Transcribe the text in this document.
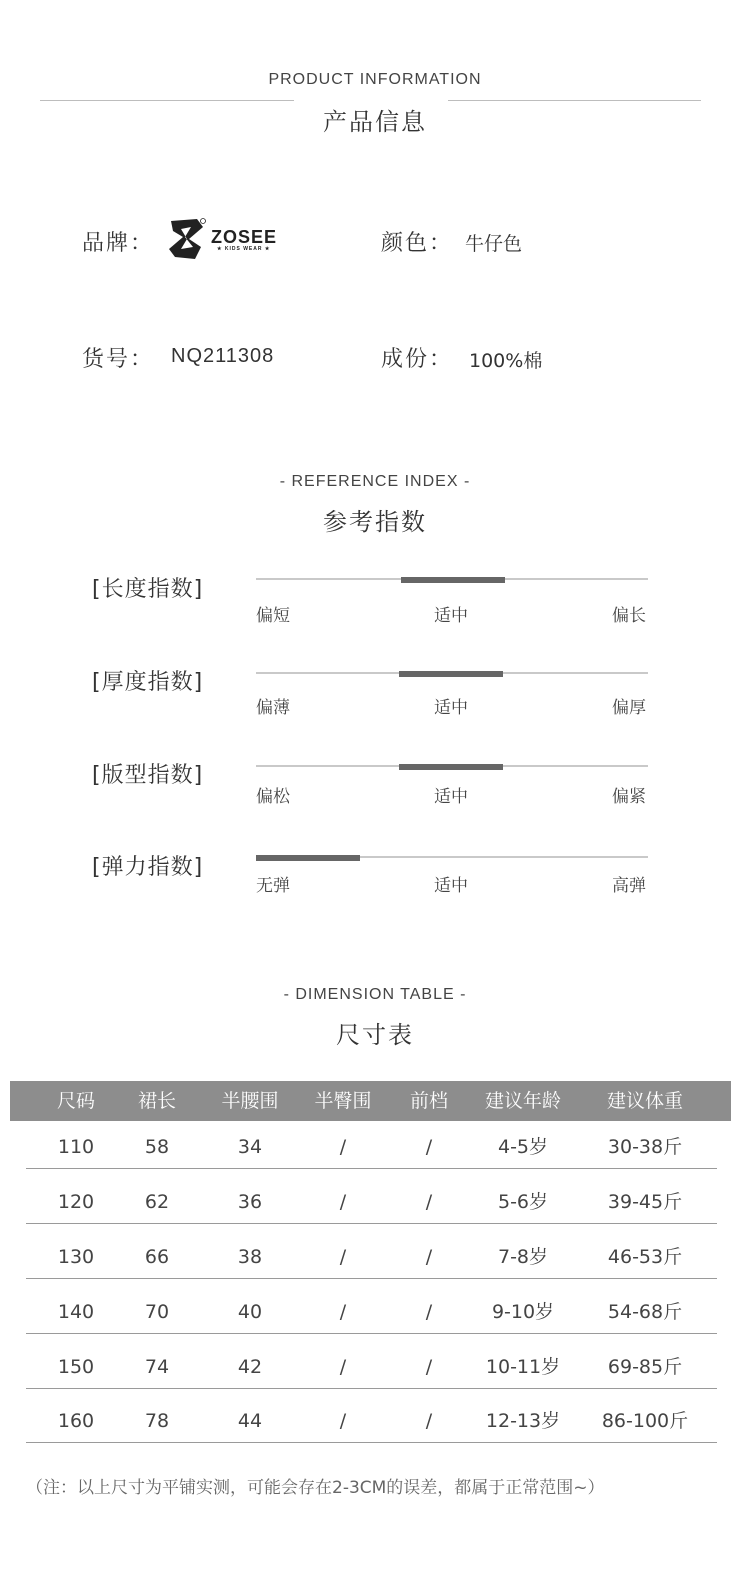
PRODUCT INFORMATION
产品信息
品牌：	ZOSEE
★ KIDS WEAR ★	颜色： 牛仔色
货号： NQ211308	成份： 100%棉
- REFERENCE INDEX -
参考指数
[长度指数]
偏短	适中	偏长
[厚度指数]
偏薄	适中	偏厚
[版型指数]
偏松	适中	偏紧
[弹力指数]
无弹	适中	高弹
- DIMENSION TABLE -
尺寸表
尺码 裙长 半腰围 半臀围 前档 建议年龄 建议体重
110	58	34	/	/	4-5岁	30-38斤
120	62	36	/	/	5-6岁	39-45斤
130	66	38	/	/	7-8岁	46-53斤
140	70	40	/	/	9-10岁	54-68斤
150	74	42	/	/	10-11岁	69-85斤
160	78	44	/	/	12-13岁 86-100斤
（注：以上尺寸为平铺实测，可能会存在2-3CM的误差，都属于正常范围~）
